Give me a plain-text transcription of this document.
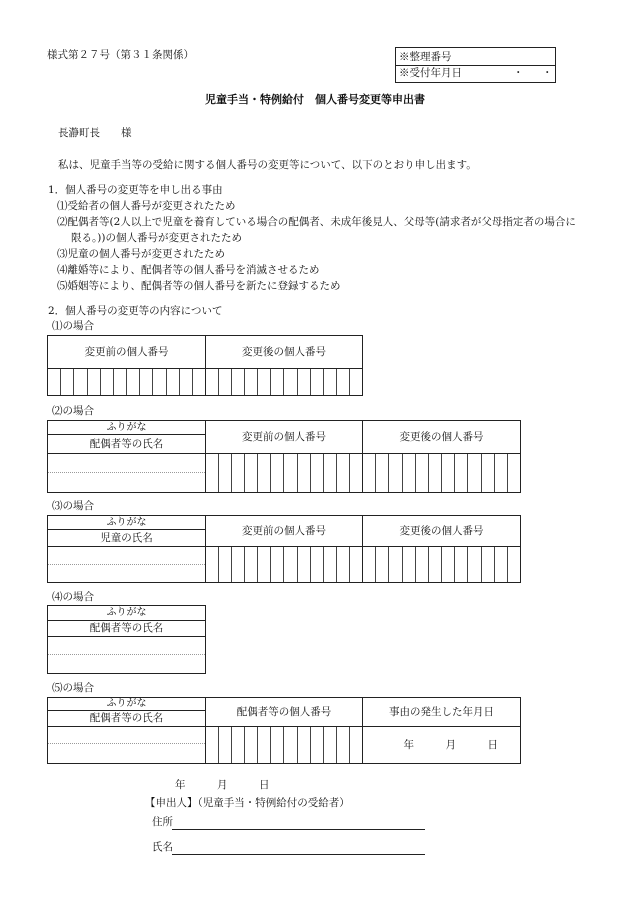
様式第２７号（第３１条関係）	※整理番号
※受付年月日	・ ・
児童手当・特例給付　個人番号変更等申出書
長瀞町長　　様
私は、児童手当等の受給に関する個人番号の変更等について、以下のとおり申し出ます。
1．個人番号の変更等を申し出る事由
⑴受給者の個人番号が変更されたため
⑵配偶者等(2人以上で児童を養育している場合の配偶者、未成年後見人、父母等(請求者が父母指定者の場合に
限る。))の個人番号が変更されたため
⑶児童の個人番号が変更されたため
⑷離婚等により、配偶者等の個人番号を消滅させるため
⑸婚姻等により、配偶者等の個人番号を新たに登録するため
2．個人番号の変更等の内容について
⑴の場合
変更前の個人番号	変更後の個人番号
⑵の場合
ふりがな
配偶者等の氏名
変更前の個人番号	変更後の個人番号
⑶の場合
ふりがな
児童の氏名
変更前の個人番号	変更後の個人番号
⑷の場合
ふりがな
配偶者等の氏名
⑸の場合
ふりがな
配偶者等の氏名	配偶者等の個人番号	事由の発生した年月日
年　　　月　　　日
年　　　月　　　日
【申出人】（児童手当・特例給付の受給者）
住所
氏名
